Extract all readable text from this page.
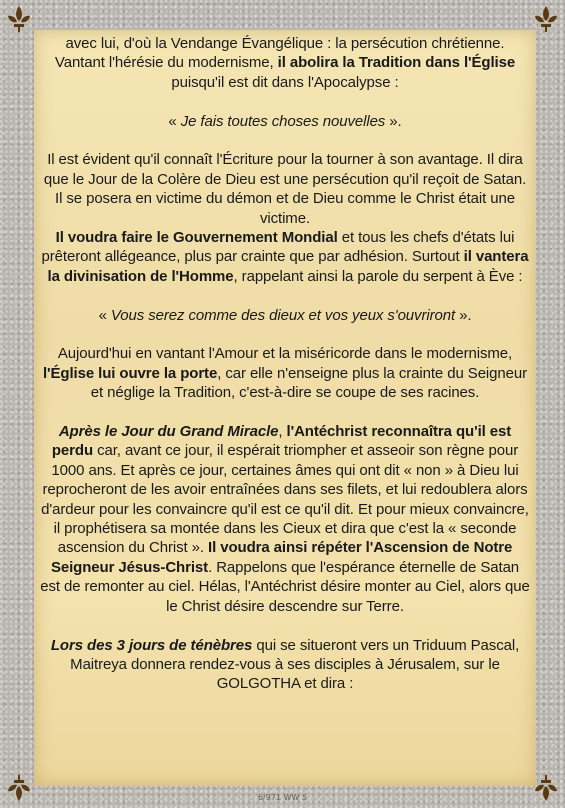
avec lui, d'où la Vendange Évangélique : la persécution chrétienne.
Vantant l'hérésie du modernisme, il abolira la Tradition dans l'Église
puisqu'il est dit dans l'Apocalypse :

« Je fais toutes choses nouvelles ».

Il est évident qu'il connaît l'Écriture pour la tourner à son avantage. Il dira que le Jour de la Colère de Dieu est une persécution qu'il reçoit de Satan. Il se posera en victime du démon et de Dieu comme le Christ était une victime.

Il voudra faire le Gouvernement Mondial et tous les chefs d'états lui prêteront allégeance, plus par crainte que par adhésion. Surtout il vantera la divinisation de l'Homme, rappelant ainsi la parole du serpent à Ève :

« Vous serez comme des dieux et vos yeux s'ouvriront ».

Aujourd'hui en vantant l'Amour et la miséricorde dans le modernisme, l'Église lui ouvre la porte, car elle n'enseigne plus la crainte du Seigneur et néglige la Tradition, c'est-à-dire se coupe de ses racines.

Après le Jour du Grand Miracle, l'Antéchrist reconnaîtra qu'il est perdu car, avant ce jour, il espérait triompher et asseoir son règne pour 1000 ans. Et après ce jour, certaines âmes qui ont dit « non » à Dieu lui reprocheront de les avoir entraînées dans ses filets, et lui redoublera alors d'ardeur pour les convaincre qu'il est ce qu'il dit. Et pour mieux convaincre, il prophétisera sa montée dans les Cieux et dira que c'est la « seconde ascension du Christ ». Il voudra ainsi répéter l'Ascension de Notre Seigneur Jésus-Christ. Rappelons que l'espérance éternelle de Satan est de remonter au ciel. Hélas, l'Antéchrist désire monter au Ciel, alors que le Christ désire descendre sur Terre.

Lors des 3 jours de ténèbres qui se situeront vers un Triduum Pascal, Maitreya donnera rendez-vous à ses disciples à Jérusalem, sur le GOLGOTHA et dira :

6/971 WW 5
